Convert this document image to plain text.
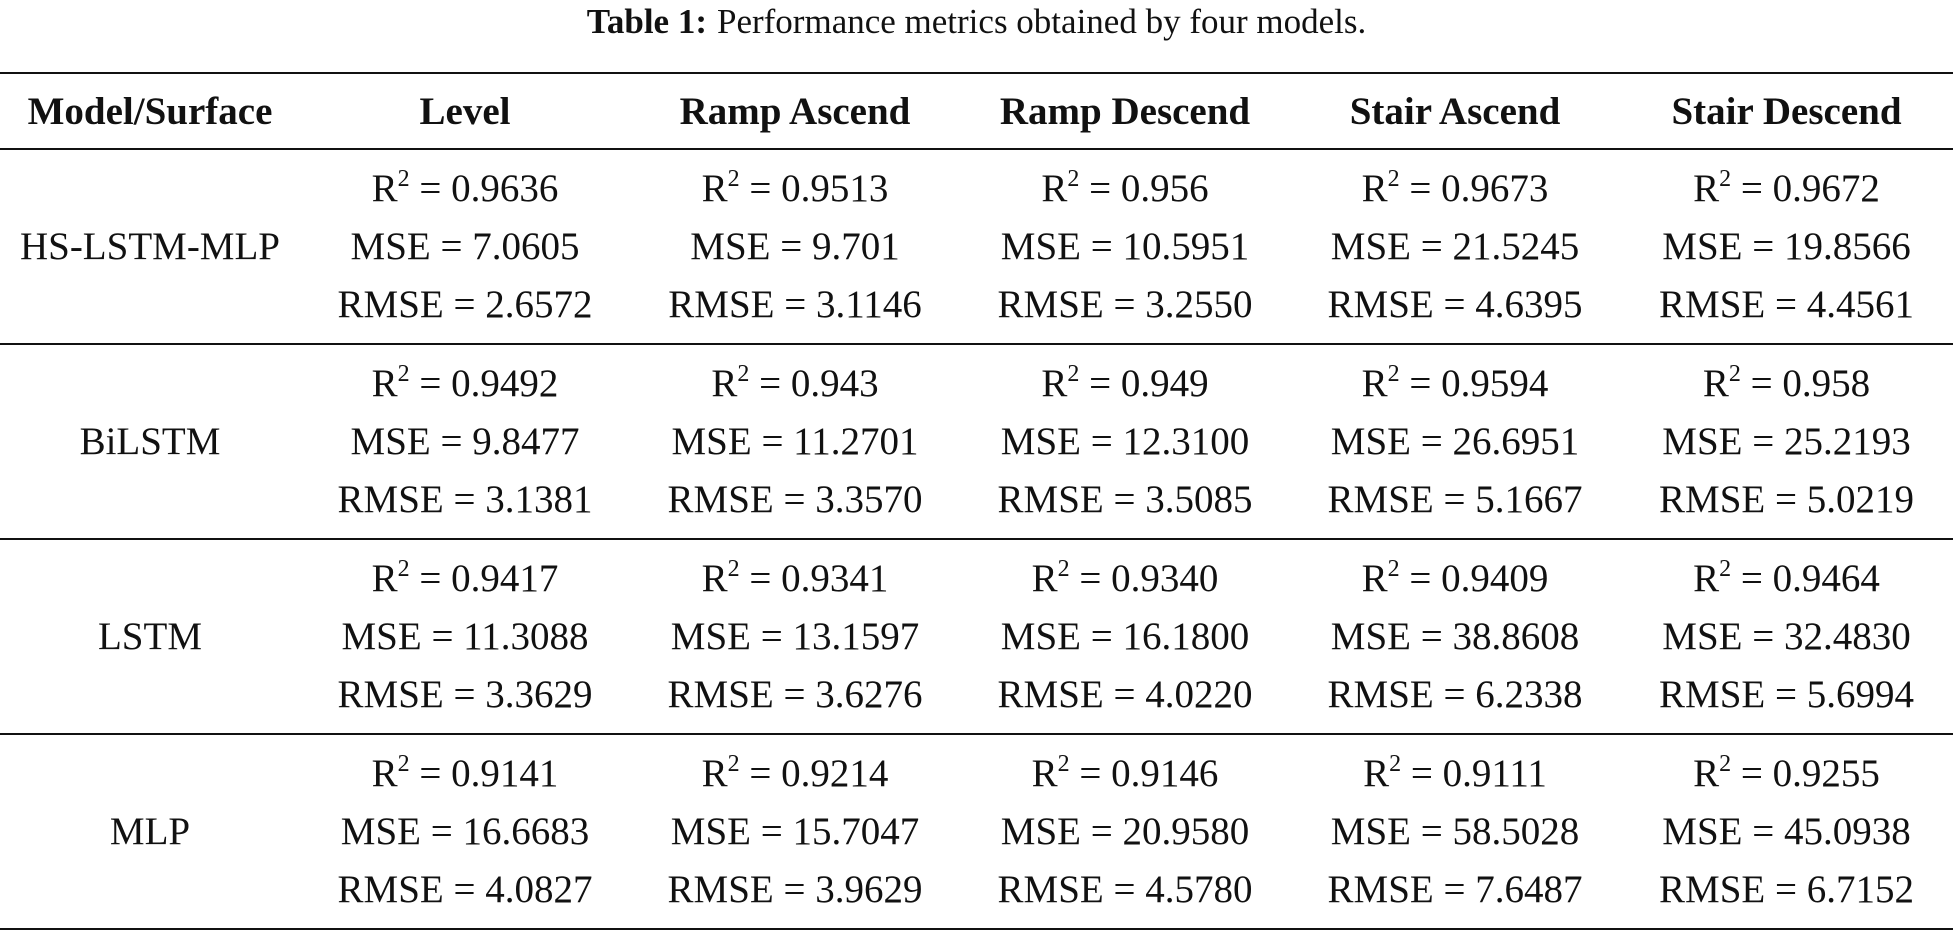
Table 1: Performance metrics obtained by four models.
Model/Surface	Level	Ramp Ascend	Ramp Descend	Stair Ascend	Stair Descend
HS-LSTM-MLP	$R^2 = 0.9636$
MSE = 7.0605
RMSE = 2.6572	$R^2 = 0.9513$
MSE = 9.701
RMSE = 3.1146	$R^2 = 0.956$
MSE = 10.5951
RMSE = 3.2550	$R^2 = 0.9673$
MSE = 21.5245
RMSE = 4.6395	$R^2 = 0.9672$
MSE = 19.8566
RMSE = 4.4561

BiLSTM	$R^2 = 0.9492$
MSE = 9.8477
RMSE = 3.1381	$R^2 = 0.943$
MSE = 11.2701
RMSE = 3.3570	$R^2 = 0.949$
MSE = 12.3100
RMSE = 3.5085	$R^2 = 0.9594$
MSE = 26.6951
RMSE = 5.1667	$R^2 = 0.958$
MSE = 25.2193
RMSE = 5.0219

LSTM	$R^2 = 0.9417$
MSE = 11.3088
RMSE = 3.3629	$R^2 = 0.9341$
MSE = 13.1597
RMSE = 3.6276	$R^2 = 0.9340$
MSE = 16.1800
RMSE = 4.0220	$R^2 = 0.9409$
MSE = 38.8608
RMSE = 6.2338	$R^2 = 0.9464$
MSE = 32.4830
RMSE = 5.6994

MLP	$R^2 = 0.9141$
MSE = 16.6683
RMSE = 4.0827	$R^2 = 0.9214$
MSE = 15.7047
RMSE = 3.9629	$R^2 = 0.9146$
MSE = 20.9580
RMSE = 4.5780	$R^2 = 0.9111$
MSE = 58.5028
RMSE = 7.6487	$R^2 = 0.9255$
MSE = 45.0938
RMSE = 6.7152
